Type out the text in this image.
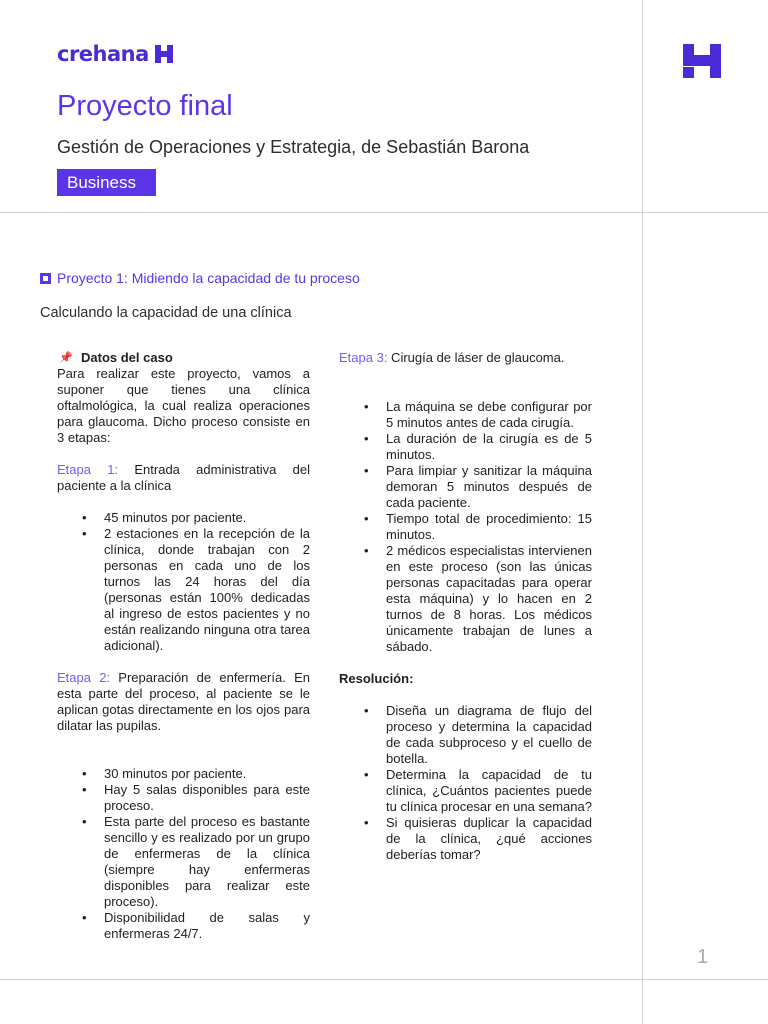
crehana
Proyecto final
Gestión de Operaciones y Estrategia, de Sebastián Barona
Business
Proyecto 1: Midiendo la capacidad de tu proceso
Calculando la capacidad de una clínica
📌 Datos del caso

Para realizar este proyecto, vamos a suponer que tienes una clínica oftalmológica, la cual realiza operaciones para glaucoma. Dicho proceso consiste en 3 etapas:

Etapa 1: Entrada administrativa del paciente a la clínica

• 45 minutos por paciente.
• 2 estaciones en la recepción de la clínica, donde trabajan con 2 personas en cada uno de los turnos las 24 horas del día (personas están 100% dedicadas al ingreso de estos pacientes y no están realizando ninguna otra tarea adicional).

Etapa 2: Preparación de enfermería. En esta parte del proceso, al paciente se le aplican gotas directamente en los ojos para dilatar las pupilas.

• 30 minutos por paciente.
• Hay 5 salas disponibles para este proceso.
• Esta parte del proceso es bastante sencillo y es realizado por un grupo de enfermeras de la clínica (siempre hay enfermeras disponibles para realizar este proceso).
• Disponibilidad de salas y enfermeras 24/7.

Etapa 3: Cirugía de láser de glaucoma.

• La máquina se debe configurar por 5 minutos antes de cada cirugía.
• La duración de la cirugía es de 5 minutos.
• Para limpiar y sanitizar la máquina demoran 5 minutos después de cada paciente.
• Tiempo total de procedimiento: 15 minutos.
• 2 médicos especialistas intervienen en este proceso (son las únicas personas capacitadas para operar esta máquina) y lo hacen en 2 turnos de 8 horas. Los médicos únicamente trabajan de lunes a sábado.

Resolución:

• Diseña un diagrama de flujo del proceso y determina la capacidad de cada subproceso y el cuello de botella.
• Determina la capacidad de tu clínica, ¿Cuántos pacientes puede tu clínica procesar en una semana?
• Si quisieras duplicar la capacidad de la clínica, ¿qué acciones deberías tomar?
1
